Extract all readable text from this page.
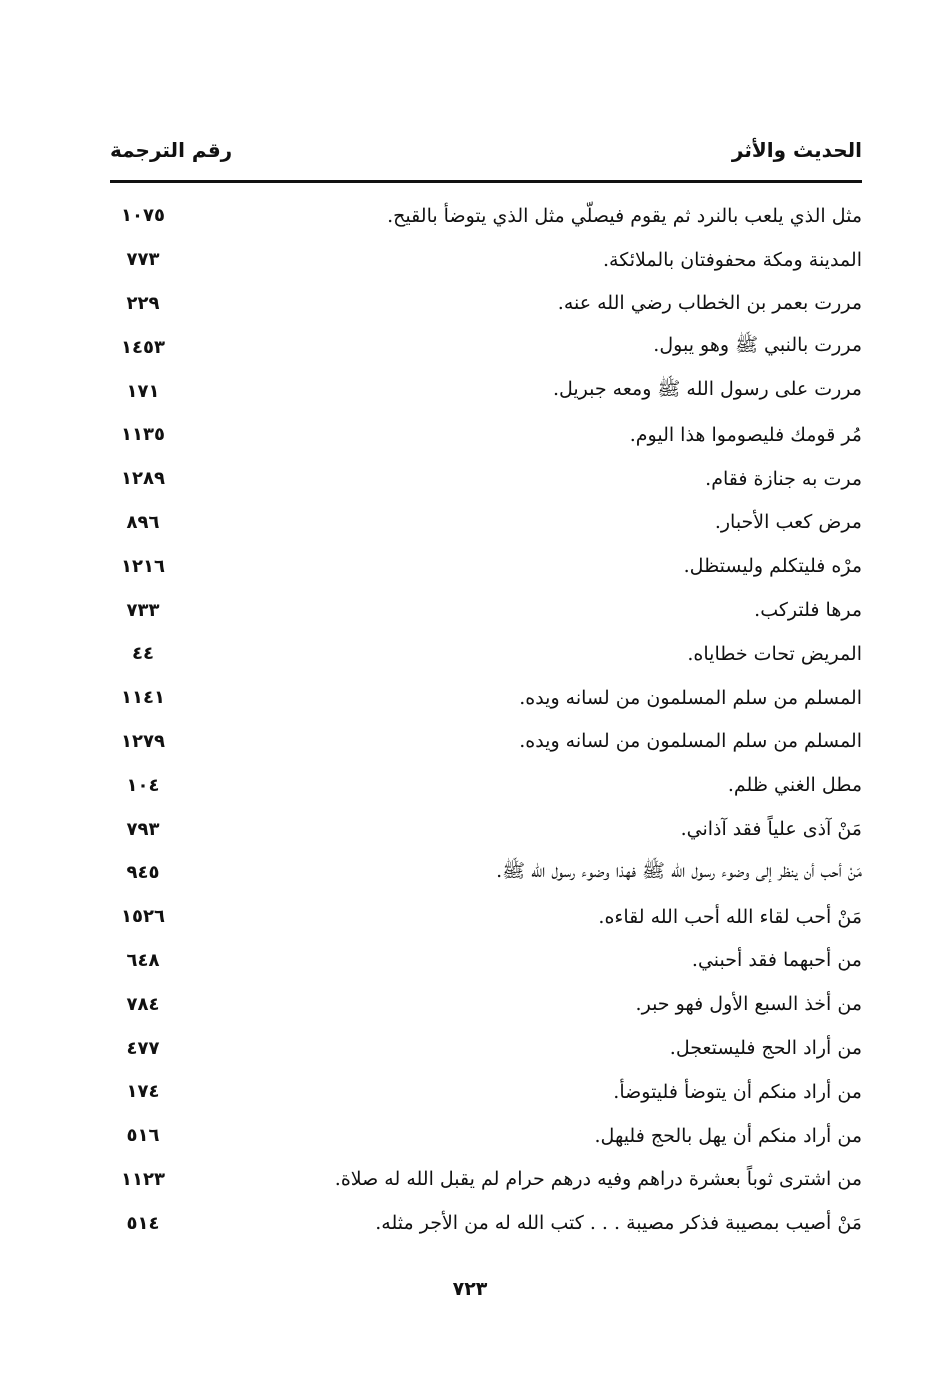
الحديث والأثر
رقم الترجمة
مثل الذي يلعب بالنرد ثم يقوم فيصلّي مثل الذي يتوضأ بالقيح.
١٠٧٥
المدينة ومكة محفوفتان بالملائكة.
٧٧٣
مررت بعمر بن الخطاب رضي الله عنه.
٢٢٩
مررت بالنبي ﷺ وهو يبول.
١٤٥٣
مررت على رسول الله ﷺ ومعه جبريل.
١٧١
مُر قومك فليصوموا هذا اليوم.
١١٣٥
مرت به جنازة فقام.
١٢٨٩
مرض كعب الأحبار.
٨٩٦
مرْه فليتكلم وليستظل.
١٢١٦
مرها فلتركب.
٧٣٣
المريض تحات خطاياه.
٤٤
المسلم من سلم المسلمون من لسانه ويده.
١١٤١
المسلم من سلم المسلمون من لسانه ويده.
١٢٧٩
مطل الغني ظلم.
١٠٤
مَنْ آذى علياً فقد آذاني.
٧٩٣
مَنْ أحب أن ينظر إلى وضوء رسول الله ﷺ فهذا وضوء رسول الله ﷺ.
٩٤٥
مَنْ أحب لقاء الله أحب الله لقاءه.
١٥٢٦
من أحبهما فقد أحبني.
٦٤٨
من أخذ السبع الأول فهو حبر.
٧٨٤
من أراد الحج فليستعجل.
٤٧٧
من أراد منكم أن يتوضأ فليتوضأ.
١٧٤
من أراد منكم أن يهل بالحج فليهل.
٥١٦
من اشترى ثوباً بعشرة دراهم وفيه درهم حرام لم يقبل الله له صلاة.
١١٢٣
مَنْ أصيب بمصيبة فذكر مصيبة . . . كتب الله له من الأجر مثله.
٥١٤
٧٢٣
